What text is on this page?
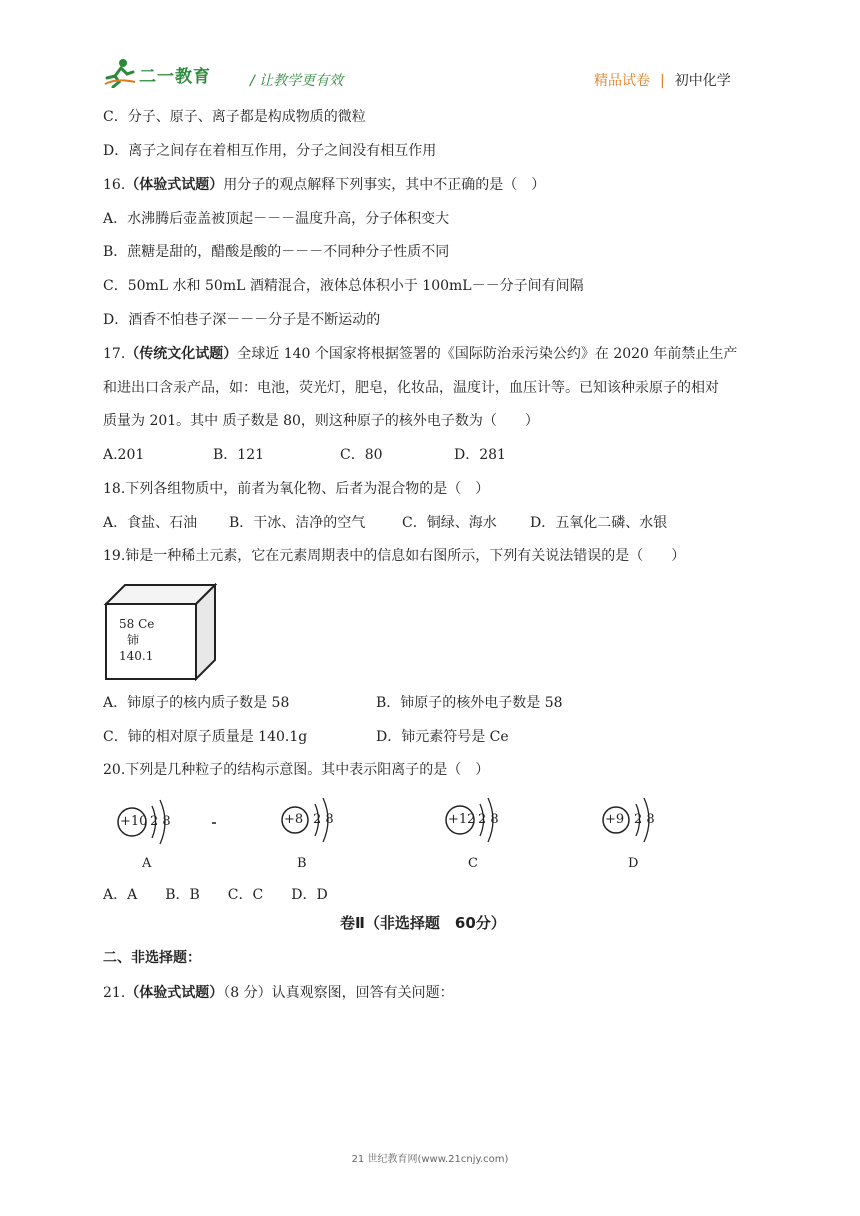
二一教育	/ 让教学更有效	精品试卷 | 初中化学
C．分子、原子、离子都是构成物质的微粒
D．离子之间存在着相互作用，分子之间没有相互作用
16.（体验式试题）用分子的观点解释下列事实，其中不正确的是（　）
A．水沸腾后壶盖被顶起－－－温度升高，分子体积变大
B．蔗糖是甜的，醋酸是酸的－－－不同种分子性质不同
C．50mL 水和 50mL 酒精混合，液体总体积小于 100mL－－分子间有间隔
D．酒香不怕巷子深－－－分子是不断运动的
17.（传统文化试题）全球近 140 个国家将根据签署的《国际防治汞污染公约》在 2020 年前禁止生产
和进出口含汞产品，如：电池，荧光灯，肥皂，化妆品，温度计，血压计等。已知该种汞原子的相对
质量为 201。其中 质子数是 80，则这种原子的核外电子数为（　　）
A.201	B．121	C．80	D．281
18.下列各组物质中，前者为氧化物、后者为混合物的是（　）
A．食盐、石油 B．干冰、洁净的空气	C．铜绿、海水 D．五氧化二磷、水银
19.铈是一种稀土元素，它在元素周期表中的信息如右图所示，下列有关说法错误的是（　　）
58 Ce
铈
140.1
A．铈原子的核内质子数是 58	B．铈原子的核外电子数是 58
C．铈的相对原子质量是 140.1g	D．铈元素符号是 Ce
20.下列是几种粒子的结构示意图。其中表示阳离子的是（　）
+10 2 8
A
+8 2 8
B
+12 2 8
C
+9 2 8
D
A．A　　B．B　　C．C　　D．D
卷Ⅱ（非选择题　60分）
二、非选择题：
21.（体验式试题）（8 分）认真观察图，回答有关问题：
21 世纪教育网(www.21cnjy.com)
